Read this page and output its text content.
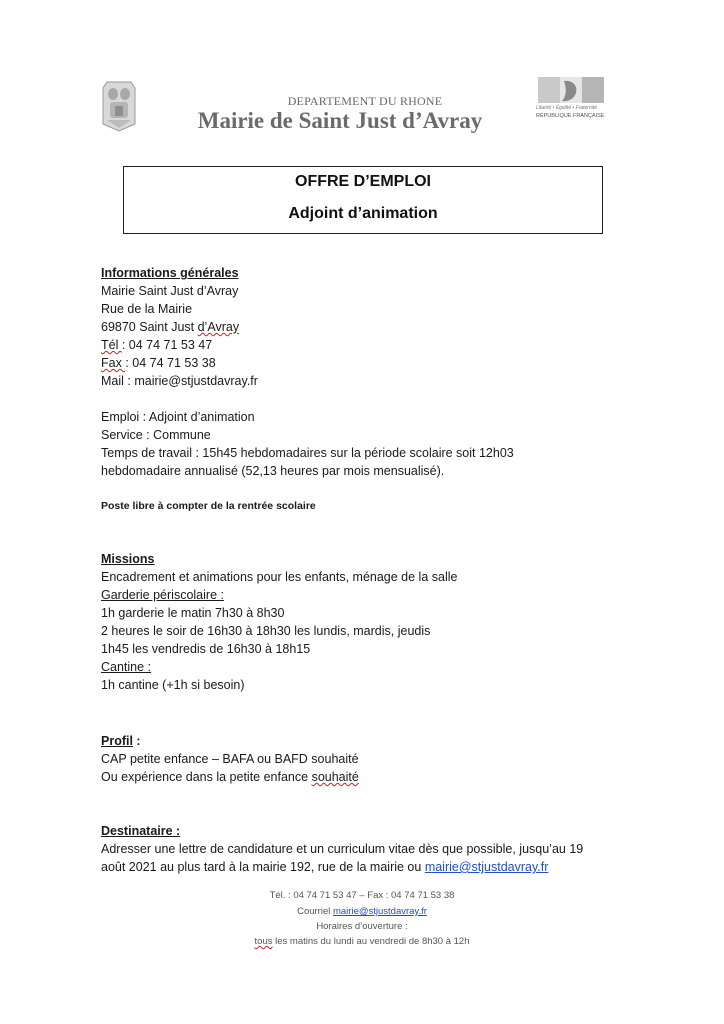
DEPARTEMENT DU RHONE
Mairie de Saint Just d’Avray	Liberté • Égalité • Fraternité
RÉPUBLIQUE FRANÇAISE
OFFRE D’EMPLOI
Adjoint d’animation
Informations générales
Mairie Saint Just d’Avray
Rue de la Mairie
69870 Saint Just d’Avray
Tél : 04 74 71 53 47
Fax : 04 74 71 53 38
Mail : mairie@stjustdavray.fr
Emploi : Adjoint d’animation
Service : Commune
Temps de travail : 15h45 hebdomadaires sur la période scolaire soit 12h03
hebdomadaire annualisé (52,13 heures par mois mensualisé).
Poste libre à compter de la rentrée scolaire
Missions
Encadrement et animations pour les enfants, ménage de la salle
Garderie périscolaire :
1h garderie le matin 7h30 à 8h30
2 heures le soir de 16h30 à 18h30 les lundis, mardis, jeudis
1h45 les vendredis de 16h30 à 18h15
Cantine :
1h cantine (+1h si besoin)
Profil :
CAP petite enfance – BAFA ou BAFD souhaité
Ou expérience dans la petite enfance souhaité
Destinataire :
Adresser une lettre de candidature et un curriculum vitae dès que possible, jusqu’au 19
août 2021 au plus tard à la mairie 192, rue de la mairie ou mairie@stjustdavray.fr
Tél. : 04 74 71 53 47 – Fax : 04 74 71 53 38
Courriel mairie@stjustdavray.fr
Horaires d’ouverture :
tous les matins du lundi au vendredi de 8h30 à 12h
